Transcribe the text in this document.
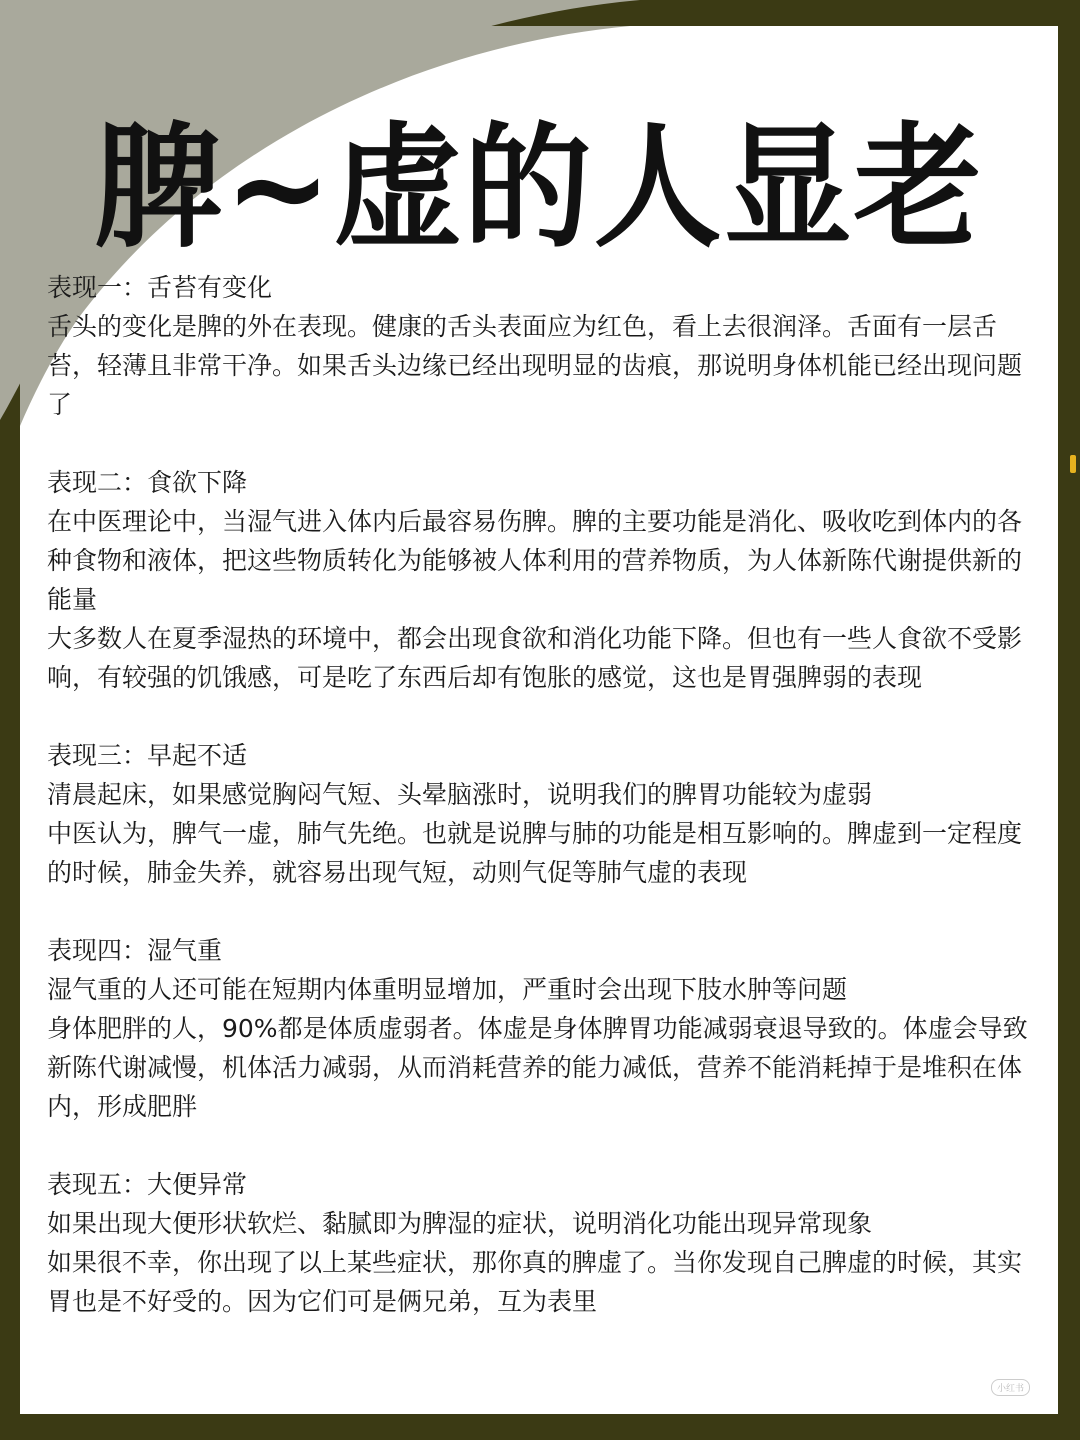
脾~虚的人显老

表现一：舌苔有变化

舌头的变化是脾的外在表现。健康的舌头表面应为红色，看上去很润泽。舌面有一层舌苔，轻薄且非常干净。如果舌头边缘已经出现明显的齿痕，那说明身体机能已经出现问题了

表现二：食欲下降

在中医理论中，当湿气进入体内后最容易伤脾。脾的主要功能是消化、吸收吃到体内的各种食物和液体，把这些物质转化为能够被人体利用的营养物质，为人体新陈代谢提供新的能量

大多数人在夏季湿热的环境中，都会出现食欲和消化功能下降。但也有一些人食欲不受影响，有较强的饥饿感，可是吃了东西后却有饱胀的感觉，这也是胃强脾弱的表现

表现三：早起不适

清晨起床，如果感觉胸闷气短、头晕脑涨时，说明我们的脾胃功能较为虚弱

中医认为，脾气一虚，肺气先绝。也就是说脾与肺的功能是相互影响的。脾虚到一定程度的时候，肺金失养，就容易出现气短，动则气促等肺气虚的表现

表现四：湿气重

湿气重的人还可能在短期内体重明显增加，严重时会出现下肢水肿等问题

身体肥胖的人，90%都是体质虚弱者。体虚是身体脾胃功能减弱衰退导致的。体虚会导致新陈代谢减慢，机体活力减弱，从而消耗营养的能力减低，营养不能消耗掉于是堆积在体内，形成肥胖

表现五：大便异常

如果出现大便形状软烂、黏腻即为脾湿的症状，说明消化功能出现异常现象

如果很不幸，你出现了以上某些症状，那你真的脾虚了。当你发现自己脾虚的时候，其实胃也是不好受的。因为它们可是俩兄弟，互为表里

小红书
